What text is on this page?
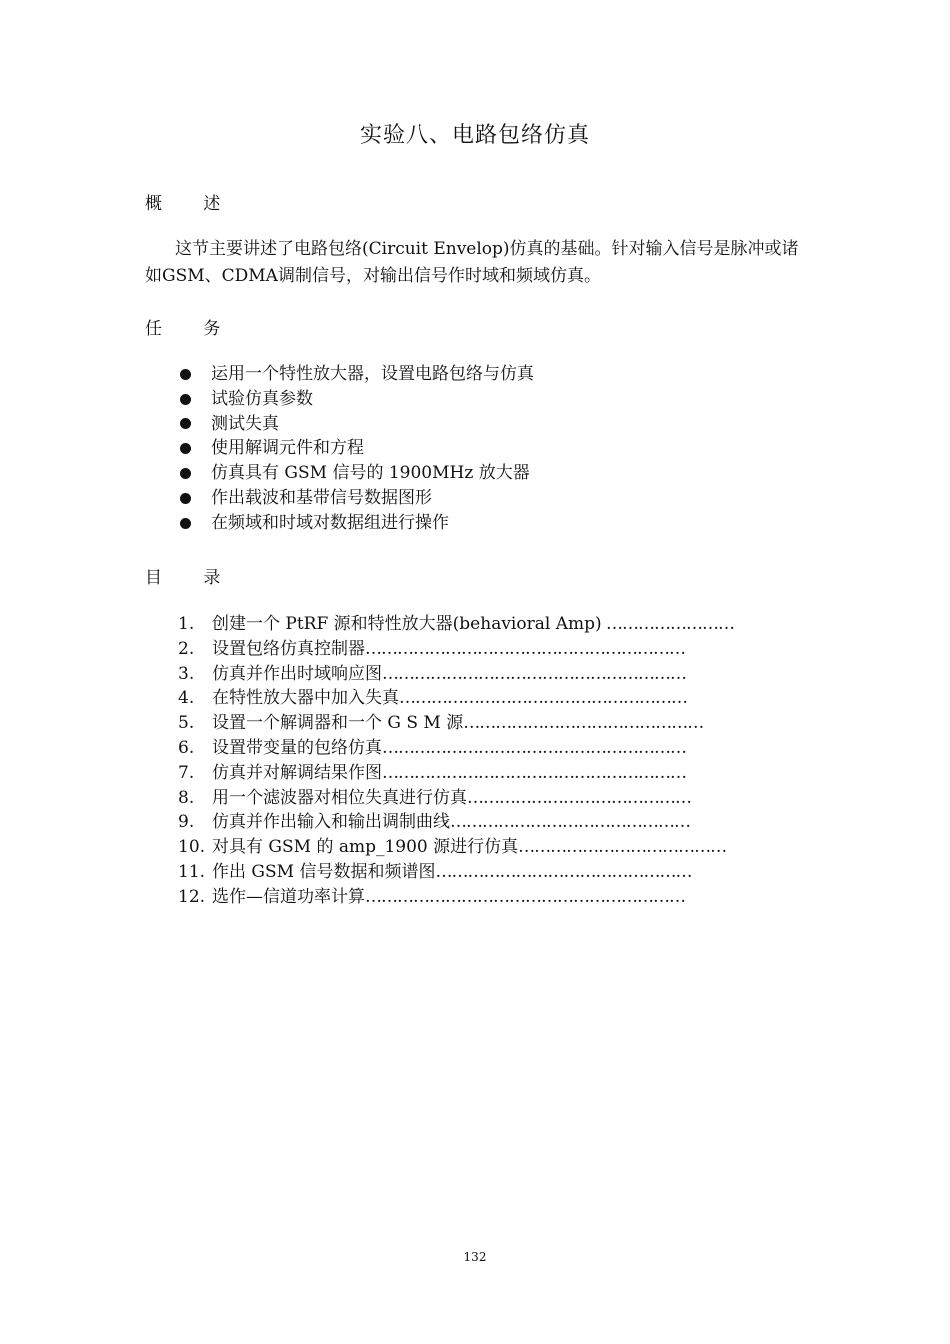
实验八、电路包络仿真
概 述

这节主要讲述了电路包络(Circuit Envelop)仿真的基础。针对输入信号是脉冲或诸如GSM、CDMA调制信号，对输出信号作时域和频域仿真。

任 务
运用一个特性放大器，设置电路包络与仿真
试验仿真参数
测试失真
使用解调元件和方程
仿真具有 GSM 信号的 1900MHz 放大器
作出载波和基带信号数据图形
在频域和时域对数据组进行操作
目 录
1. 创建一个 PtRF 源和特性放大器(behavioral Amp) ……………………
2. 设置包络仿真控制器……………………………………………………
3. 仿真并作出时域响应图…………………………………………………
4. 在特性放大器中加入失真………………………………………………
5. 设置一个解调器和一个 G S M 源………………………………………
6. 设置带变量的包络仿真…………………………………………………
7. 仿真并对解调结果作图…………………………………………………
8. 用一个滤波器对相位失真进行仿真……………………………………
9. 仿真并作出输入和输出调制曲线………………………………………
10. 对具有 GSM 的 amp_1900 源进行仿真…………………………………
11. 作出 GSM 信号数据和频谱图…………………………………………
12. 选作—信道功率计算……………………………………………………
132
